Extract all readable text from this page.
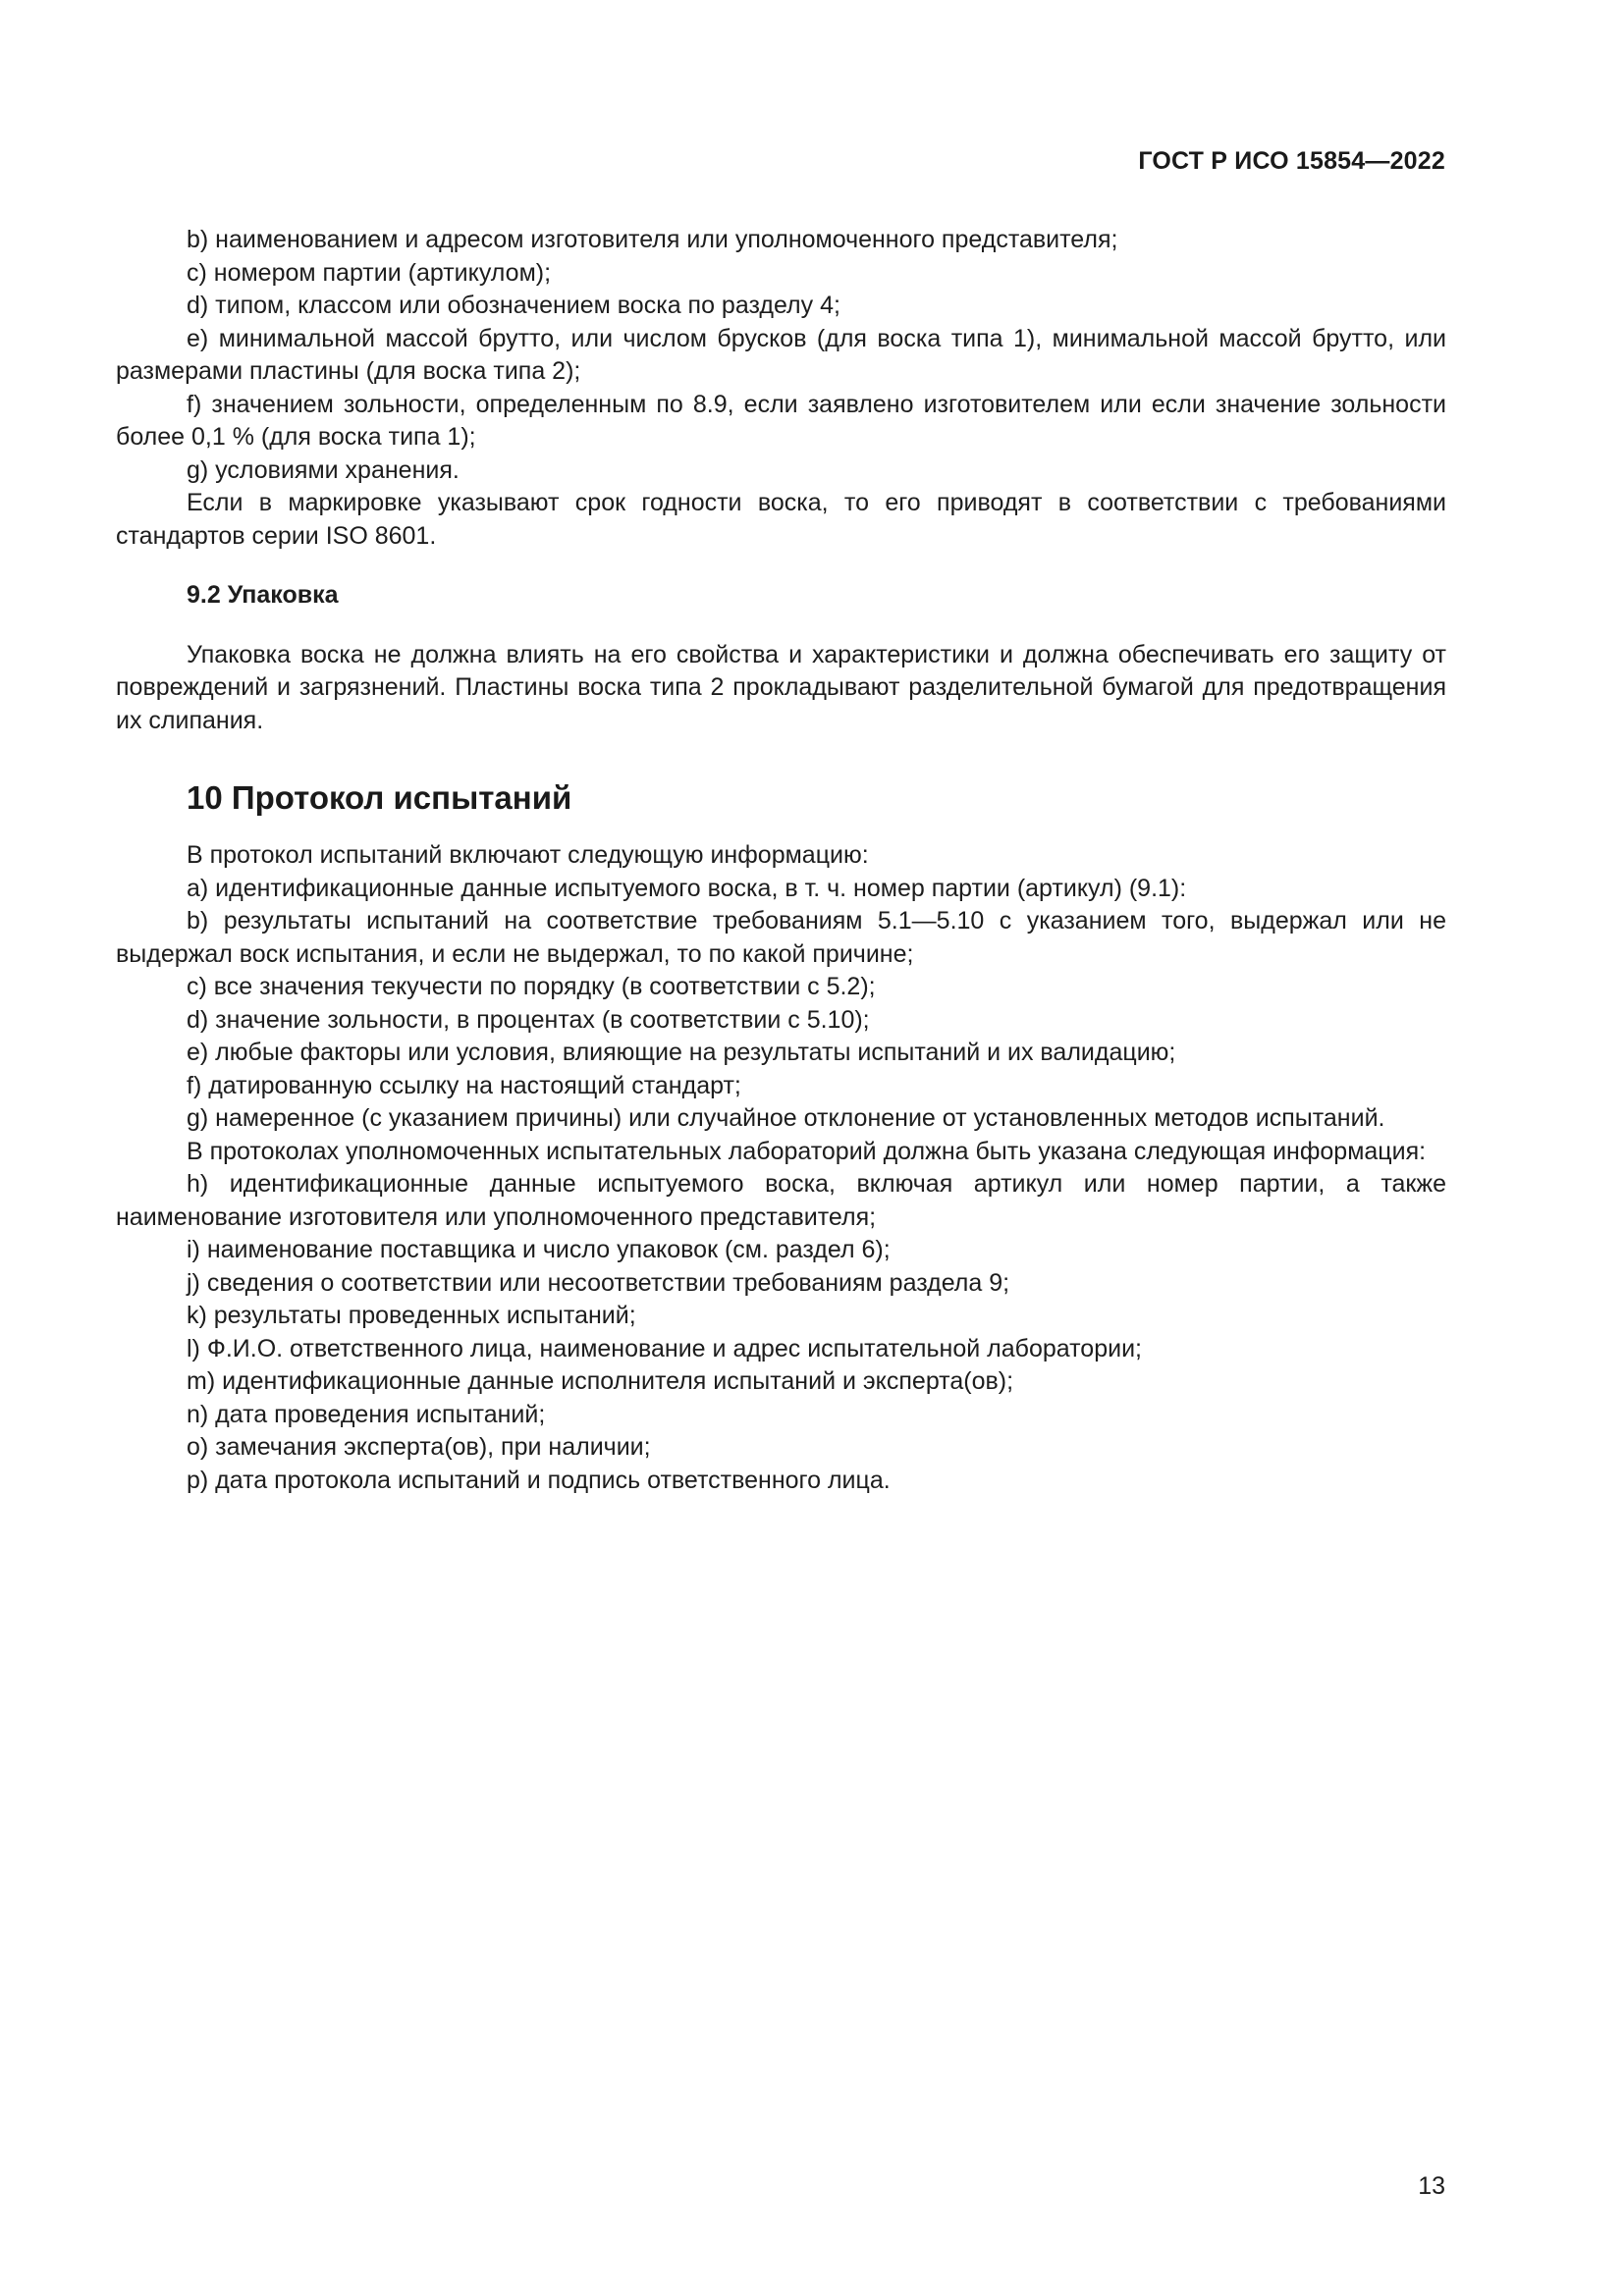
ГОСТ Р ИСО 15854—2022

b) наименованием и адресом изготовителя или уполномоченного представителя;

c) номером партии (артикулом);

d) типом, классом или обозначением воска по разделу 4;

e) минимальной массой брутто, или числом брусков (для воска типа 1), минимальной массой брутто, или размерами пластины (для воска типа 2);

f) значением зольности, определенным по 8.9, если заявлено изготовителем или если значение зольности более 0,1 % (для воска типа 1);

g) условиями хранения.

Если в маркировке указывают срок годности воска, то его приводят в соответствии с требованиями стандартов серии ISO 8601.

9.2 Упаковка

Упаковка воска не должна влиять на его свойства и характеристики и должна обеспечивать его защиту от повреждений и загрязнений. Пластины воска типа 2 прокладывают разделительной бумагой для предотвращения их слипания.

10 Протокол испытаний

В протокол испытаний включают следующую информацию:

a) идентификационные данные испытуемого воска, в т. ч. номер партии (артикул) (9.1):

b) результаты испытаний на соответствие требованиям 5.1—5.10 с указанием того, выдержал или не выдержал воск испытания, и если не выдержал, то по какой причине;

c) все значения текучести по порядку (в соответствии с 5.2);

d) значение зольности, в процентах (в соответствии с 5.10);

e) любые факторы или условия, влияющие на результаты испытаний и их валидацию;

f) датированную ссылку на настоящий стандарт;

g) намеренное (с указанием причины) или случайное отклонение от установленных методов испытаний.

В протоколах уполномоченных испытательных лабораторий должна быть указана следующая информация:

h) идентификационные данные испытуемого воска, включая артикул или номер партии, а также наименование изготовителя или уполномоченного представителя;

i) наименование поставщика и число упаковок (см. раздел 6);

j) сведения о соответствии или несоответствии требованиям раздела 9;

k) результаты проведенных испытаний;

l) Ф.И.О. ответственного лица, наименование и адрес испытательной лаборатории;

m) идентификационные данные исполнителя испытаний и эксперта(ов);

n) дата проведения испытаний;

o) замечания эксперта(ов), при наличии;

p) дата протокола испытаний и подпись ответственного лица.

13
